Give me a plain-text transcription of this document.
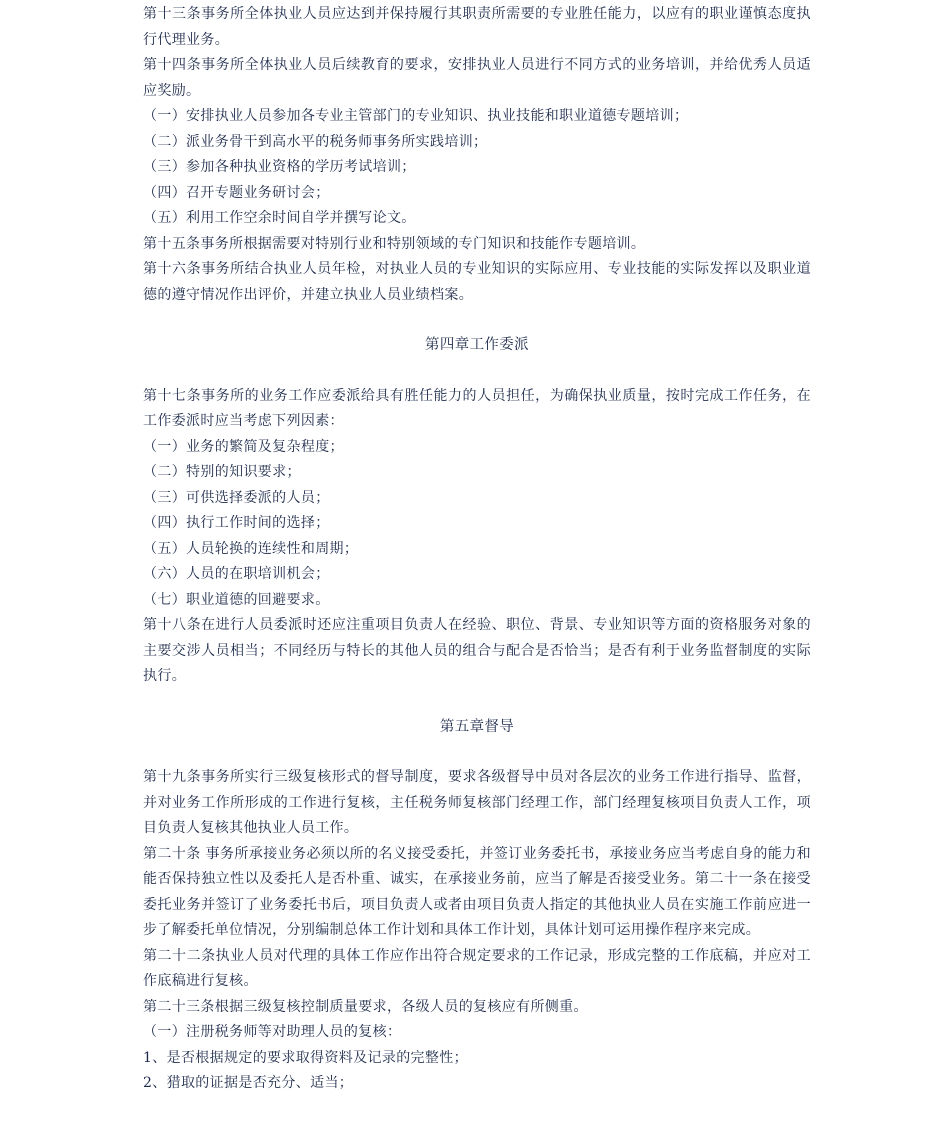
第十三条事务所全体执业人员应达到并保持履行其职责所需要的专业胜任能力，以应有的职业谨慎态度执行代理业务。

第十四条事务所全体执业人员后续教育的要求，安排执业人员进行不同方式的业务培训，并给优秀人员适应奖励。

（一）安排执业人员参加各专业主管部门的专业知识、执业技能和职业道德专题培训；

（二）派业务骨干到高水平的税务师事务所实践培训；

（三）参加各种执业资格的学历考试培训；

（四）召开专题业务研讨会；

（五）利用工作空余时间自学并撰写论文。

第十五条事务所根据需要对特别行业和特别领域的专门知识和技能作专题培训。

第十六条事务所结合执业人员年检，对执业人员的专业知识的实际应用、专业技能的实际发挥以及职业道德的遵守情况作出评价，并建立执业人员业绩档案。

第四章工作委派

第十七条事务所的业务工作应委派给具有胜任能力的人员担任，为确保执业质量，按时完成工作任务，在工作委派时应当考虑下列因素：

（一）业务的繁简及复杂程度；

（二）特别的知识要求；

（三）可供选择委派的人员；

（四）执行工作时间的选择；

（五）人员轮换的连续性和周期；

（六）人员的在职培训机会；

（七）职业道德的回避要求。

第十八条在进行人员委派时还应注重项目负责人在经验、职位、背景、专业知识等方面的资格服务对象的主要交涉人员相当；不同经历与特长的其他人员的组合与配合是否恰当；是否有利于业务监督制度的实际执行。

第五章督导

第十九条事务所实行三级复核形式的督导制度，要求各级督导中员对各层次的业务工作进行指导、监督，并对业务工作所形成的工作进行复核，主任税务师复核部门经理工作，部门经理复核项目负责人工作，项目负责人复核其他执业人员工作。

第二十条 事务所承接业务必须以所的名义接受委托，并签订业务委托书，承接业务应当考虑自身的能力和能否保持独立性以及委托人是否朴重、诚实，在承接业务前，应当了解是否接受业务。第二十一条在接受委托业务并签订了业务委托书后，项目负责人或者由项目负责人指定的其他执业人员在实施工作前应进一步了解委托单位情况，分别编制总体工作计划和具体工作计划，具体计划可运用操作程序来完成。

第二十二条执业人员对代理的具体工作应作出符合规定要求的工作记录，形成完整的工作底稿，并应对工作底稿进行复核。

第二十三条根据三级复核控制质量要求，各级人员的复核应有所侧重。

（一）注册税务师等对助理人员的复核：

1、是否根据规定的要求取得资料及记录的完整性；

2、猎取的证据是否充分、适当；
